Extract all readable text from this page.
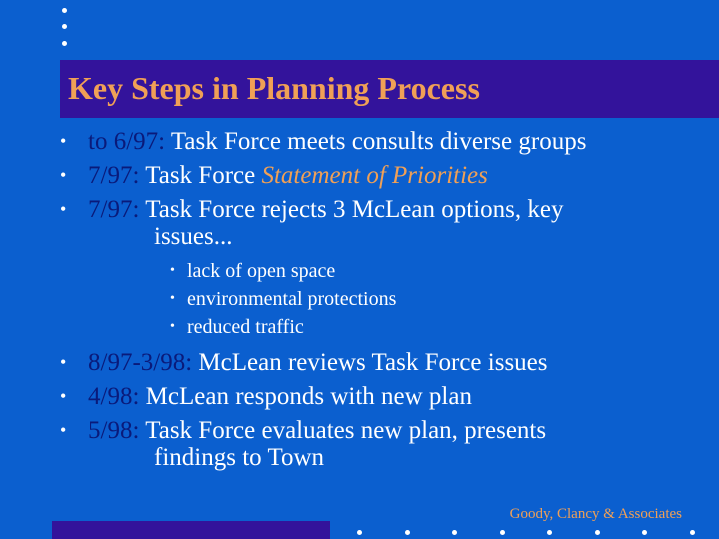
Key Steps in Planning Process
• to 6/97: Task Force meets consults diverse groups
• 7/97: Task Force Statement of Priorities
• 7/97: Task Force rejects 3 McLean options, key
issues...
• lack of open space
• environmental protections
• reduced traffic
• 8/97-3/98: McLean reviews Task Force issues
• 4/98: McLean responds with new plan
• 5/98: Task Force evaluates new plan, presents
findings to Town
Goody, Clancy & Associates
